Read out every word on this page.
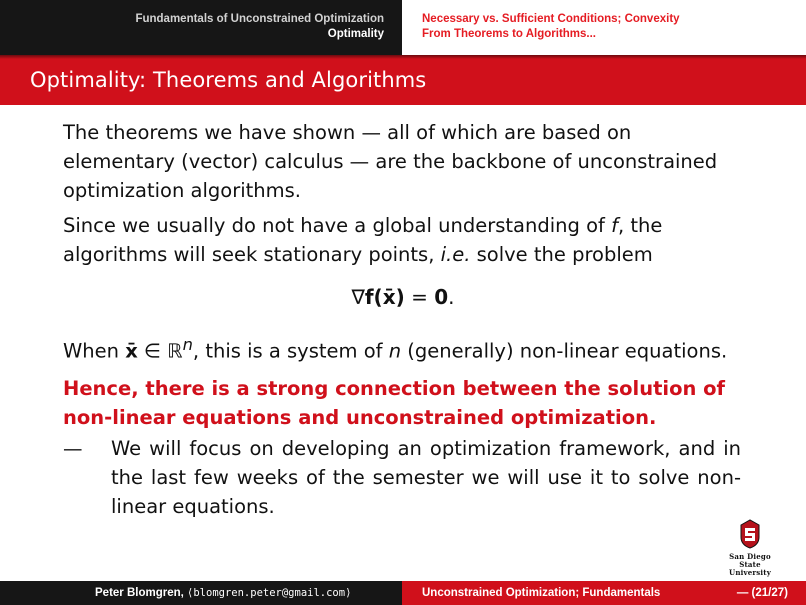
Fundamentals of Unconstrained Optimization
Optimality
Necessary vs. Sufficient Conditions; Convexity
From Theorems to Algorithms...
Optimality: Theorems and Algorithms

The theorems we have shown — all of which are based on elementary (vector) calculus — are the backbone of unconstrained optimization algorithms.

Since we usually do not have a global understanding of f, the algorithms will seek stationary points, i.e. solve the problem

∇f(x̄) = 0.

When x̄ ∈ ℝ$^n$, this is a system of n (generally) non-linear equations.

Hence, there is a strong connection between the solution of non-linear equations and unconstrained optimization.

—	We will focus on developing an optimization framework, and in the last few weeks of the semester we will use it to solve non-linear equations.
San Diego State
University
Peter Blomgren, ⟨blomgren.peter@gmail.com⟩	Unconstrained Optimization; Fundamentals	— (21/27)
